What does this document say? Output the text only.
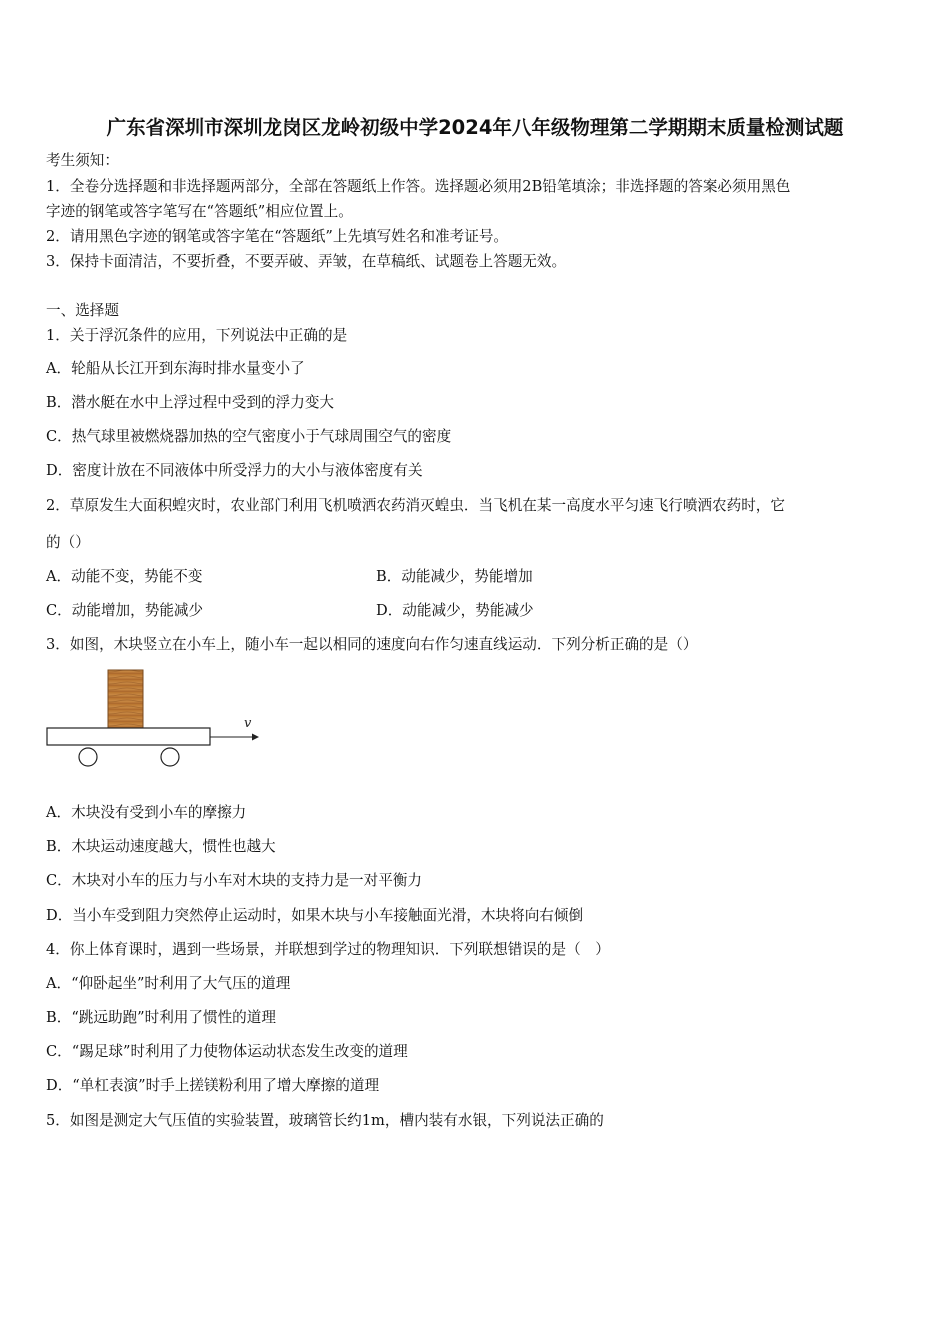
广东省深圳市深圳龙岗区龙岭初级中学2024年八年级物理第二学期期末质量检测试题
考生须知：
1．全卷分选择题和非选择题两部分，全部在答题纸上作答。选择题必须用2B铅笔填涂；非选择题的答案必须用黑色
字迹的钢笔或答字笔写在“答题纸”相应位置上。
2．请用黑色字迹的钢笔或答字笔在“答题纸”上先填写姓名和准考证号。
3．保持卡面清洁，不要折叠，不要弄破、弄皱，在草稿纸、试题卷上答题无效。
一、选择题
1．关于浮沉条件的应用，下列说法中正确的是
A．轮船从长江开到东海时排水量变小了
B．潜水艇在水中上浮过程中受到的浮力变大
C．热气球里被燃烧器加热的空气密度小于气球周围空气的密度
D．密度计放在不同液体中所受浮力的大小与液体密度有关
2．草原发生大面积蝗灾时，农业部门利用飞机喷洒农药消灭蝗虫．当飞机在某一高度水平匀速飞行喷洒农药时，它
的（）
A．动能不变，势能不变	B．动能减少，势能增加
C．动能增加，势能减少	D．动能减少，势能减少
3．如图，木块竖立在小车上，随小车一起以相同的速度向右作匀速直线运动．下列分析正确的是（）
v
A．木块没有受到小车的摩擦力
B．木块运动速度越大，惯性也越大
C．木块对小车的压力与小车对木块的支持力是一对平衡力
D．当小车受到阻力突然停止运动时，如果木块与小车接触面光滑，木块将向右倾倒
4．你上体育课时，遇到一些场景，并联想到学过的物理知识．下列联想错误的是（　）
A．“仰卧起坐”时利用了大气压的道理
B．“跳远助跑”时利用了惯性的道理
C．“踢足球”时利用了力使物体运动状态发生改变的道理
D．“单杠表演”时手上搓镁粉利用了增大摩擦的道理
5．如图是测定大气压值的实验装置，玻璃管长约1m，槽内装有水银，下列说法正确的
